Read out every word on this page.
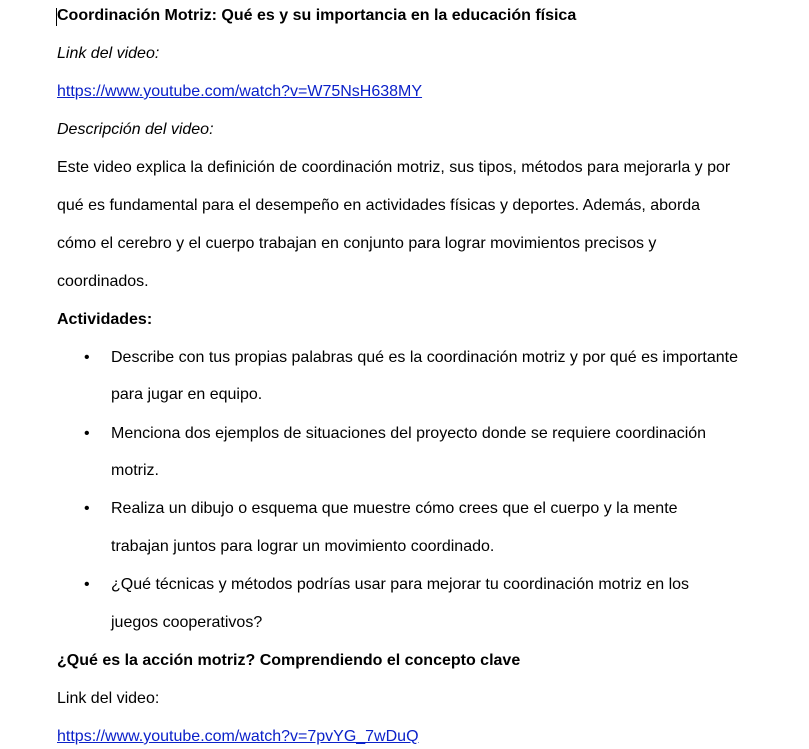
Coordinación Motriz: Qué es y su importancia en la educación física
Link del video:
https://www.youtube.com/watch?v=W75NsH638MY
Descripción del video:
Este video explica la definición de coordinación motriz, sus tipos, métodos para mejorarla y por
qué es fundamental para el desempeño en actividades físicas y deportes. Además, aborda
cómo el cerebro y el cuerpo trabajan en conjunto para lograr movimientos precisos y
coordinados.
Actividades:
• Describe con tus propias palabras qué es la coordinación motriz y por qué es importante
para jugar en equipo.
• Menciona dos ejemplos de situaciones del proyecto donde se requiere coordinación
motriz.
• Realiza un dibujo o esquema que muestre cómo crees que el cuerpo y la mente
trabajan juntos para lograr un movimiento coordinado.
• ¿Qué técnicas y métodos podrías usar para mejorar tu coordinación motriz en los
juegos cooperativos?
¿Qué es la acción motriz? Comprendiendo el concepto clave
Link del video:
https://www.youtube.com/watch?v=7pvYG_7wDuQ
